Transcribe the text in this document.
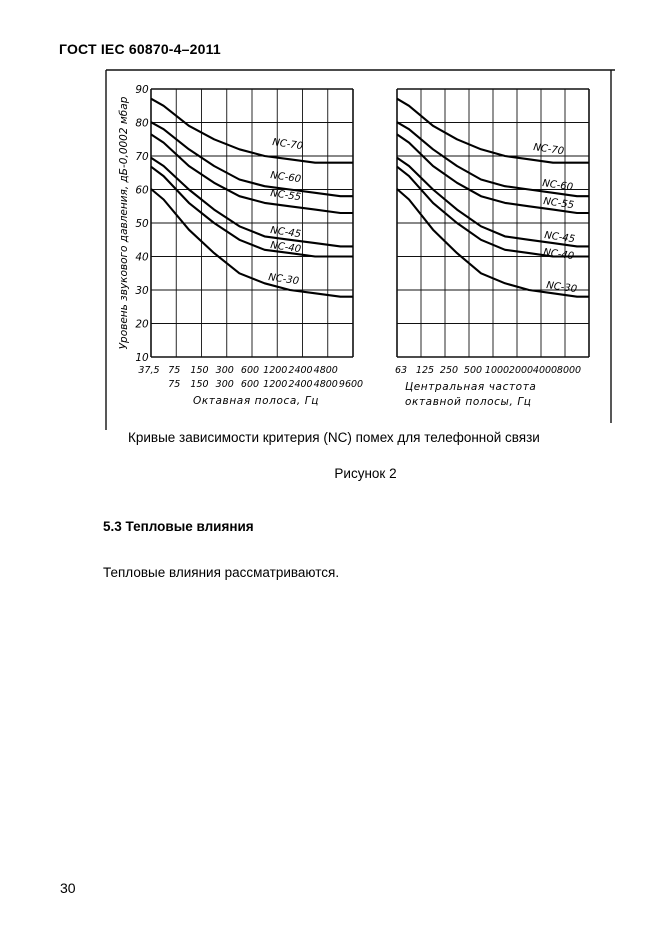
ГОСТ IEC 60870-4–2011
NC-70
NC-60
NC-55
NC-45
NC-40
NC-30
90
80
70
60
50
40
30
20
10
Уровень звукового давления, дБ-0,0002 мбар
37,5 75 150 300 600 1200 2400 4800
75 150 300 600 1200 2400 4800 9600
Октавная полоса, Гц
NC-70
NC-60
NC-55
NC-45
NC-40
NC-30
63 125 250 500 1000 2000 4000 8000
Центральная частота октавной полосы, Гц
Кривые зависимости критерия (NC) помех для телефонной связи
Рисунок 2
5.3 Тепловые влияния
Тепловые влияния рассматриваются.
30
